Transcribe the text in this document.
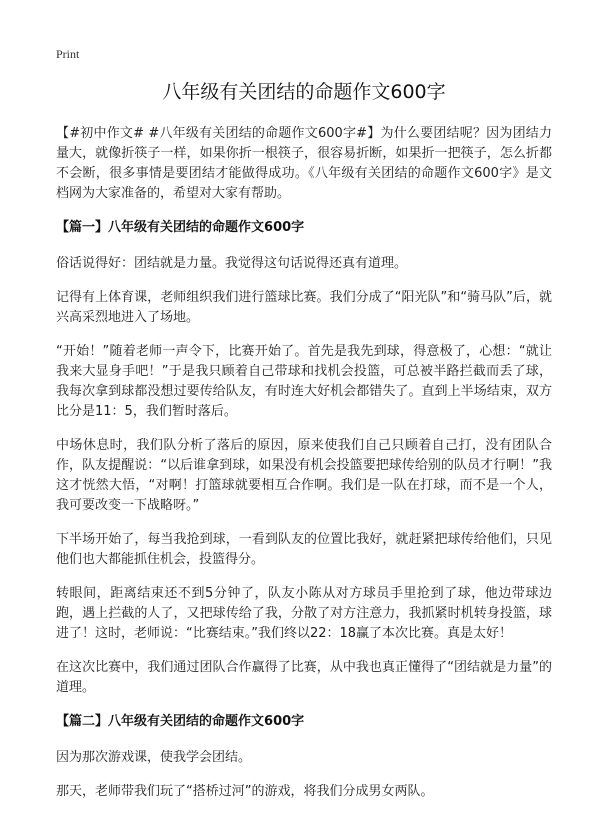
Print
八年级有关团结的命题作文600字

【#初中作文# #八年级有关团结的命题作文600字#】为什么要团结呢？因为团结力量大，就像折筷子一样，如果你折一根筷子，很容易折断，如果折一把筷子，怎么折都不会断，很多事情是要团结才能做得成功。《八年级有关团结的命题作文600字》是文档网为大家准备的，希望对大家有帮助。

【篇一】八年级有关团结的命题作文600字

俗话说得好：团结就是力量。我觉得这句话说得还真有道理。

记得有上体育课，老师组织我们进行篮球比赛。我们分成了“阳光队”和“骑马队”后，就兴高采烈地进入了场地。

“开始！”随着老师一声令下，比赛开始了。首先是我先到球，得意极了，心想：“就让我来大显身手吧！”于是我只顾着自己带球和找机会投篮，可总被半路拦截而丢了球，我每次拿到球都没想过要传给队友，有时连大好机会都错失了。直到上半场结束，双方比分是11：5，我们暂时落后。

中场休息时，我们队分析了落后的原因，原来使我们自己只顾着自己打，没有团队合作，队友提醒说：“以后谁拿到球，如果没有机会投篮要把球传给别的队员才行啊！”我这才恍然大悟，“对啊！打篮球就要相互合作啊。我们是一队在打球，而不是一个人，我可要改变一下战略呀。”

下半场开始了，每当我抢到球，一看到队友的位置比我好，就赶紧把球传给他们，只见他们也大都能抓住机会，投篮得分。

转眼间，距离结束还不到5分钟了，队友小陈从对方球员手里抢到了球，他边带球边跑，遇上拦截的人了，又把球传给了我，分散了对方注意力，我抓紧时机转身投篮，球进了！这时，老师说：“比赛结束。”我们终以22：18赢了本次比赛。真是太好！

在这次比赛中，我们通过团队合作赢得了比赛，从中我也真正懂得了“团结就是力量”的道理。

【篇二】八年级有关团结的命题作文600字

因为那次游戏课，使我学会团结。

那天，老师带我们玩了“搭桥过河”的游戏，将我们分成男女两队。
